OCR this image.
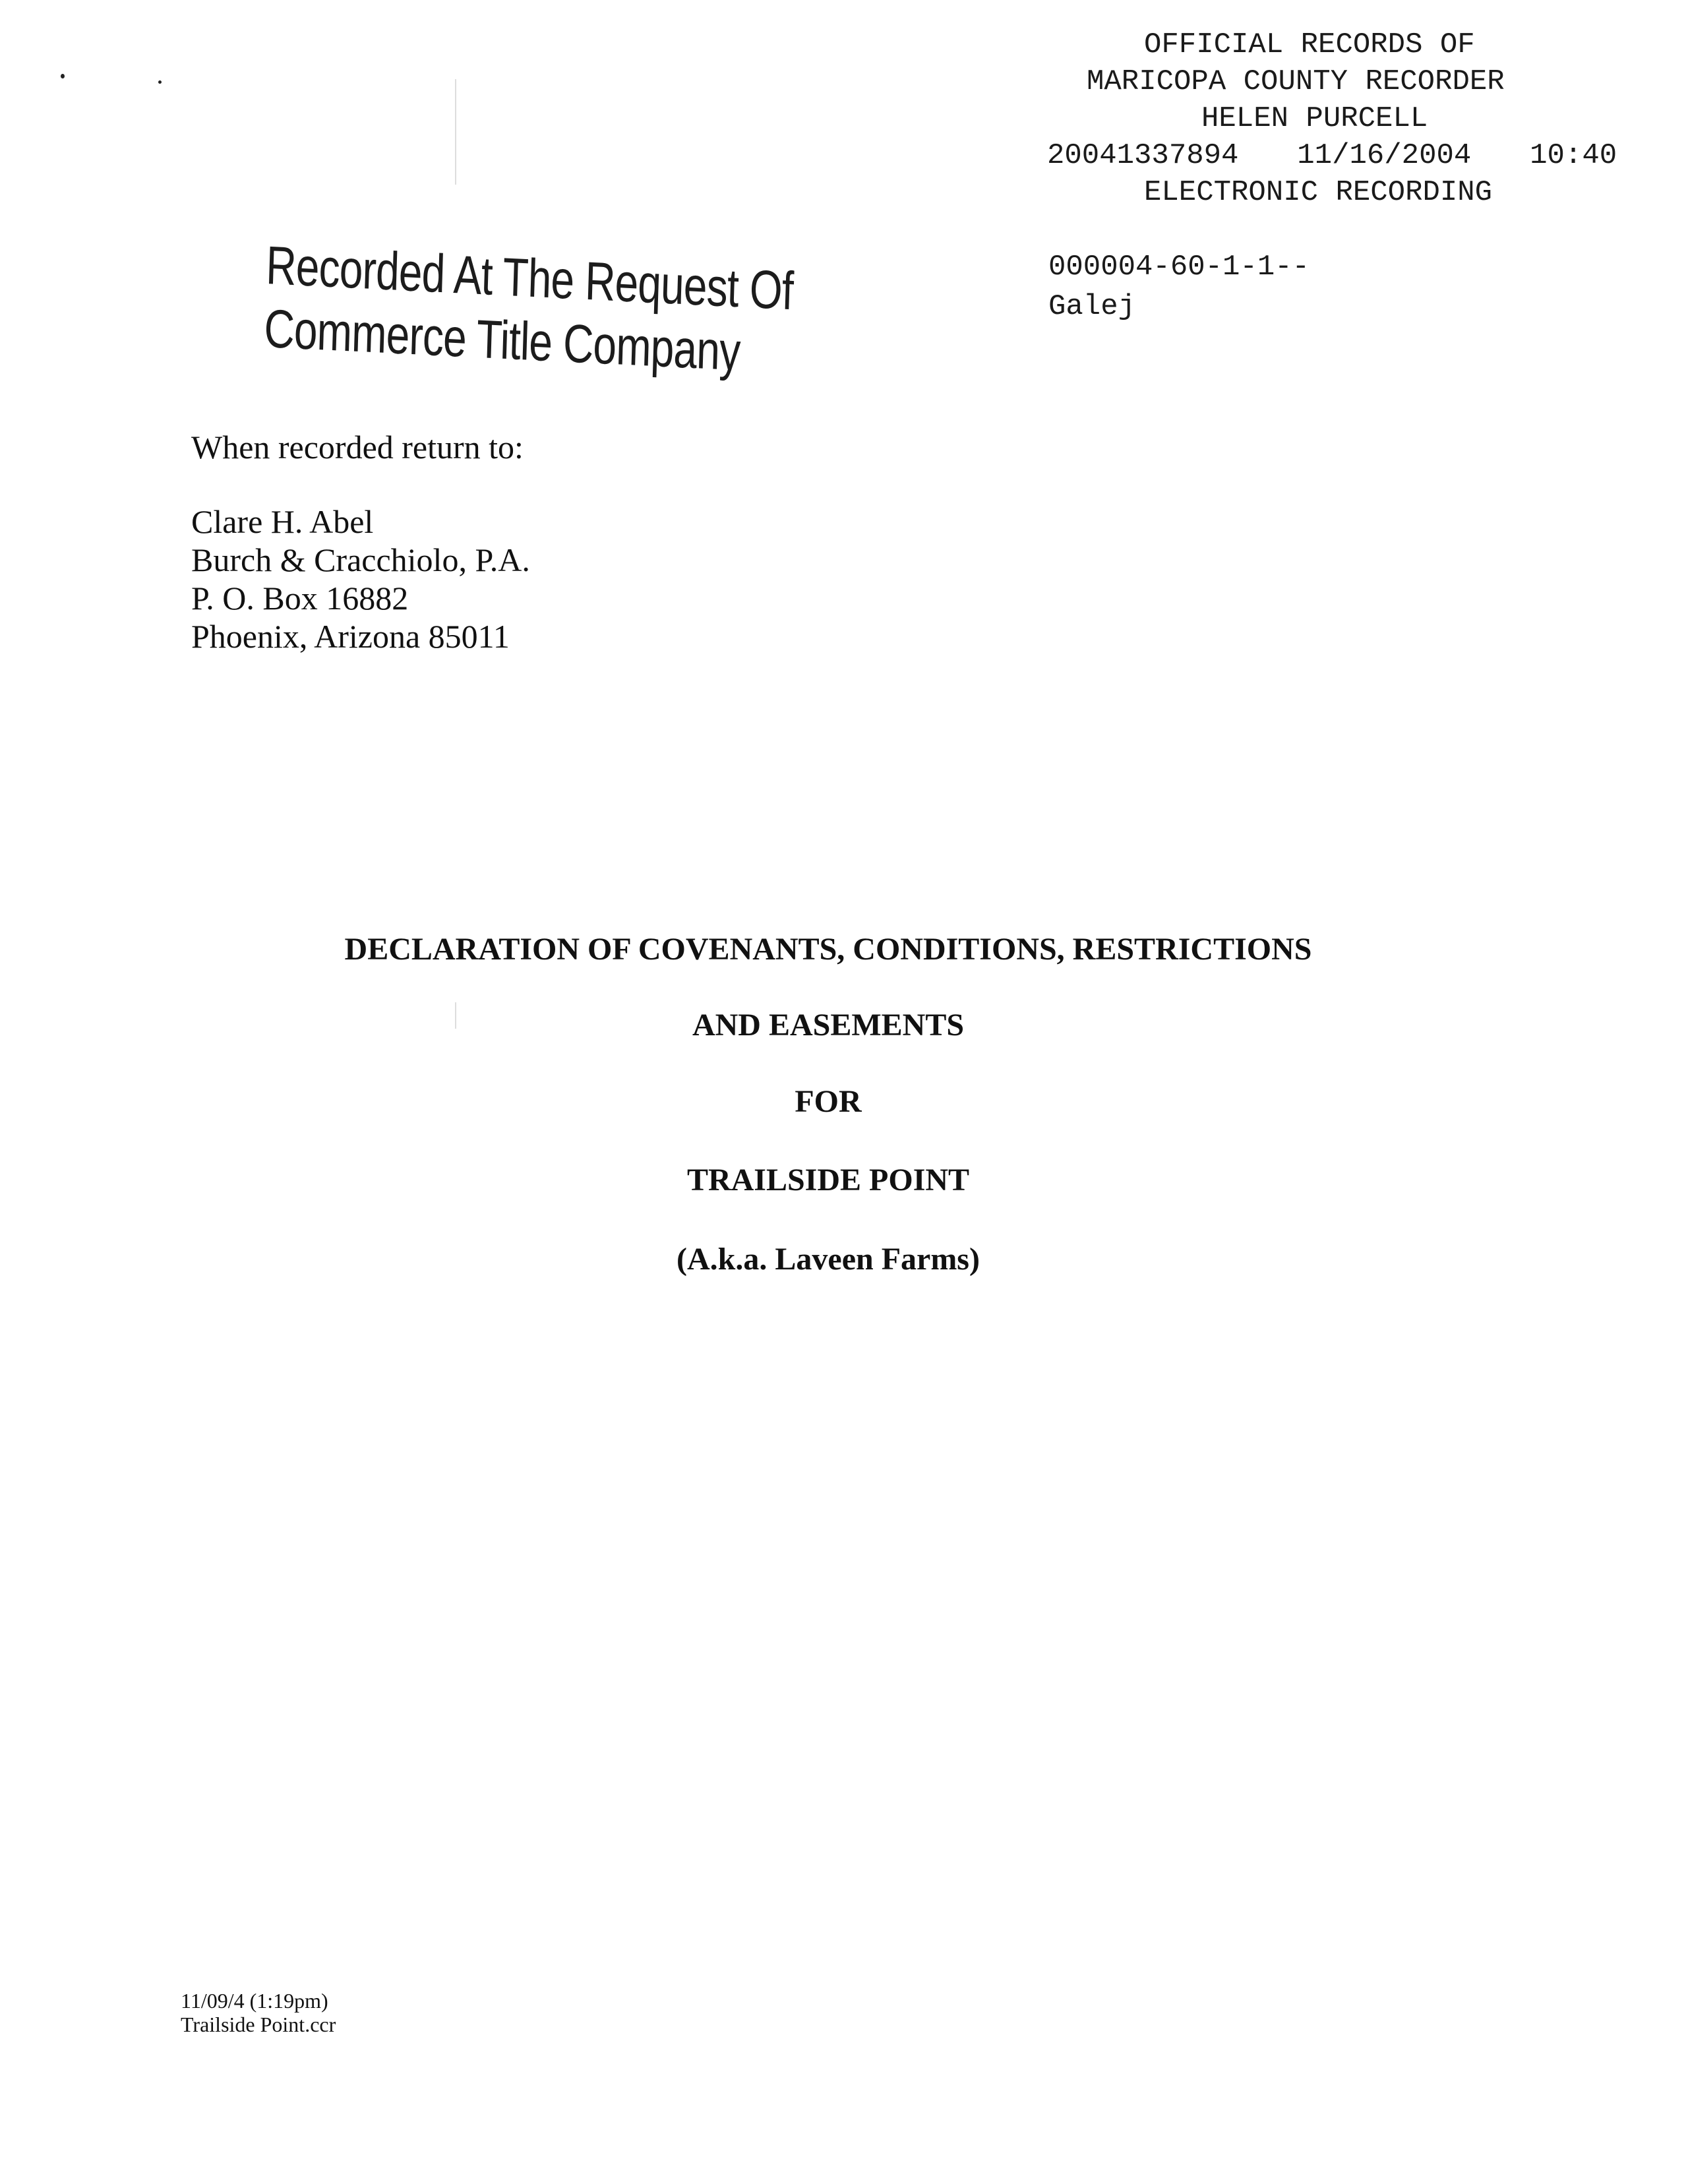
OFFICIAL RECORDS OF
MARICOPA COUNTY RECORDER
HELEN PURCELL
20041337894  11/16/2004  10:40
ELECTRONIC RECORDING
000004-60-1-1--
Galej
Recorded At The Request Of
Commerce Title Company
When recorded return to:
Clare H. Abel
Burch & Cracchiolo, P.A.
P. O. Box 16882
Phoenix, Arizona 85011
DECLARATION OF COVENANTS, CONDITIONS, RESTRICTIONS
AND EASEMENTS
FOR
TRAILSIDE POINT
(A.k.a. Laveen Farms)
11/09/4 (1:19pm)
Trailside Point.ccr
